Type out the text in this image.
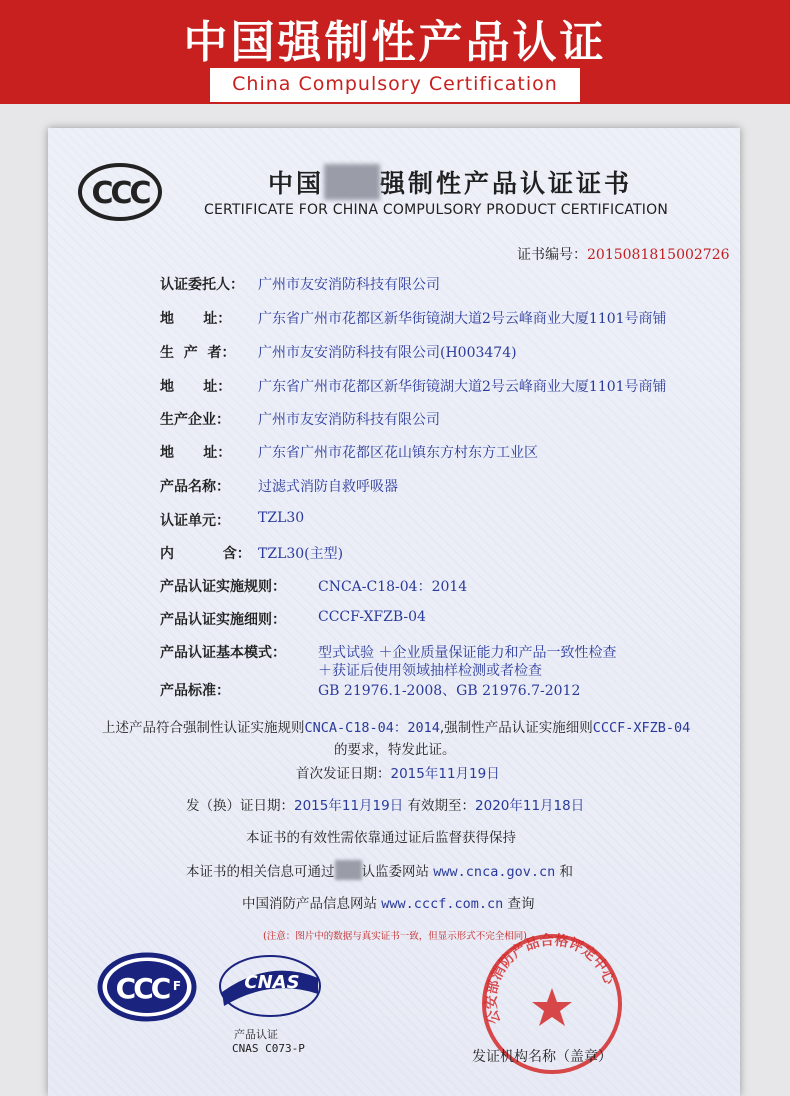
中国强制性产品认证
China Compulsory Certification
CCC	中国 强制性产品认证证书
CERTIFICATE FOR CHINA COMPULSORY PRODUCT CERTIFICATION
证书编号：2015081815002726
认证委托人： 广州市友安消防科技有限公司
地      址： 广东省广州市花都区新华街镜湖大道2号云峰商业大厦1101号商铺
生  产  者： 广州市友安消防科技有限公司(H003474)
地      址： 广东省广州市花都区新华街镜湖大道2号云峰商业大厦1101号商铺
生产企业： 广州市友安消防科技有限公司
地      址： 广东省广州市花都区花山镇东方村东方工业区
产品名称： 过滤式消防自救呼吸器
认证单元： TZL30
内          含： TZL30(主型)
产品认证实施规则： CNCA-C18-04：2014
产品认证实施细则： CCCF-XFZB-04
产品认证基本模式： 型式试验 ＋企业质量保证能力和产品一致性检查
＋获证后使用领域抽样检测或者检查
产品标准：	GB 21976.1-2008、GB 21976.7-2012
上述产品符合强制性认证实施规则CNCA-C18-04：2014,强制性产品认证实施细则CCCF-XFZB-04
的要求，特发此证。
首次发证日期：2015年11月19日
发（换）证日期：2015年11月19日 有效期至：2020年11月18日
本证书的有效性需依靠通过证后监督获得保持
本证书的相关信息可通过 认监委网站 www.cnca.gov.cn 和
中国消防产品信息网站 www.cccf.com.cn 查询
(注意：图片中的数据与真实证书一致，但显示形式不完全相同)
CCC F	CNAS
产品认证
CNAS C073-P
公安部消防产品合格评定中心
发证机构名称（盖章）
